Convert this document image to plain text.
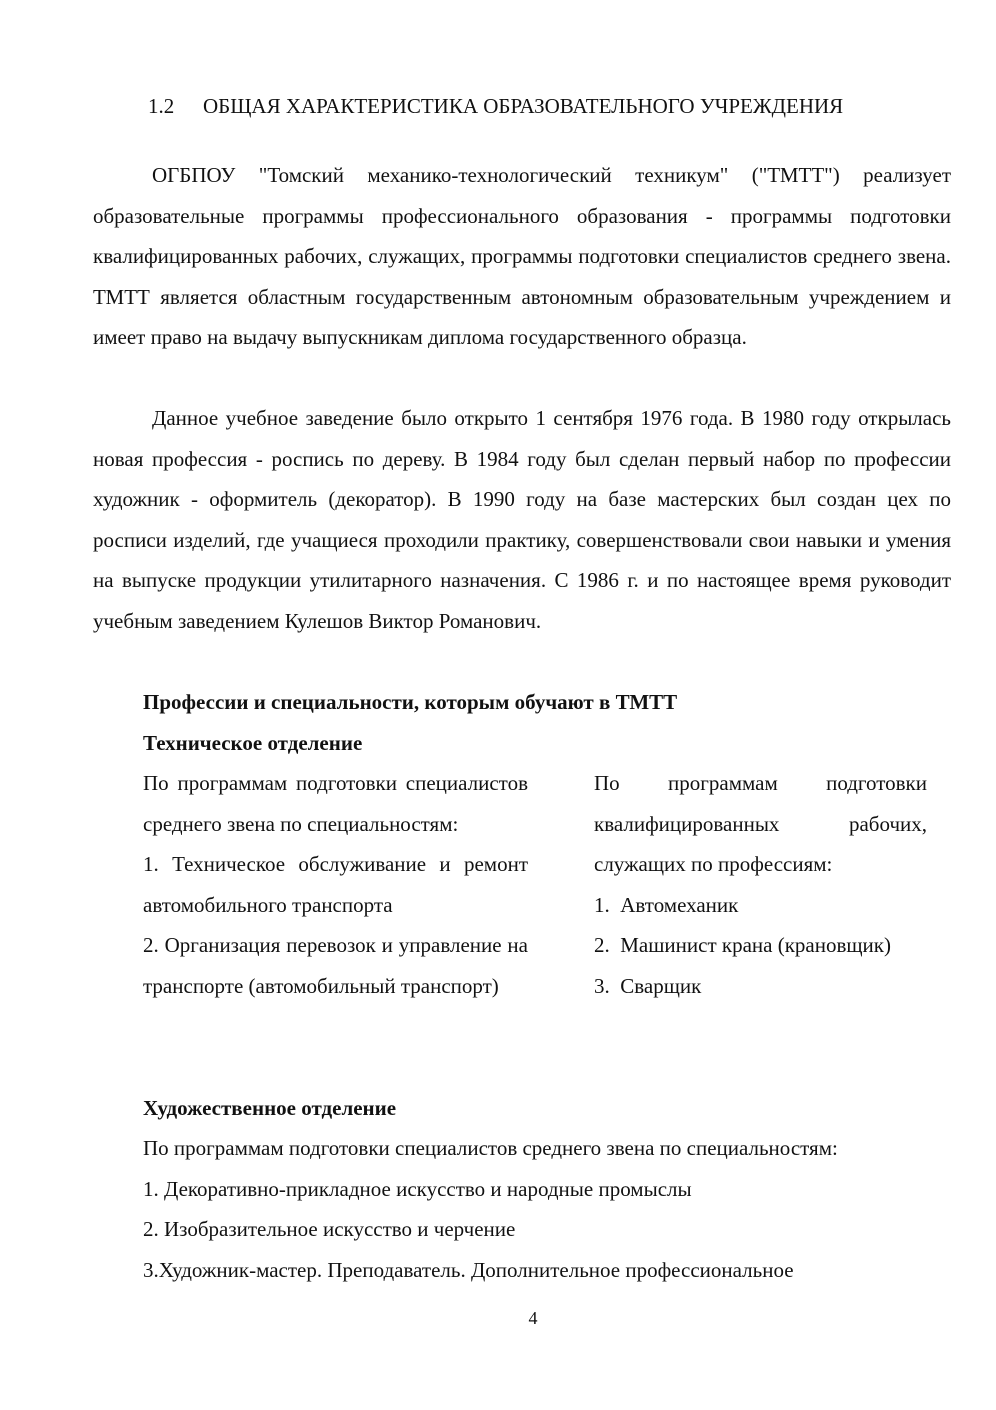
1.2 ОБЩАЯ ХАРАКТЕРИСТИКА ОБРАЗОВАТЕЛЬНОГО УЧРЕЖДЕНИЯ

ОГБПОУ "Томский механико-технологический техникум" ("ТМТТ") реализует образовательные программы профессионального образования - программы подготовки квалифицированных рабочих, служащих, программы подготовки специалистов среднего звена. ТМТТ является областным государственным автономным образовательным учреждением и имеет право на выдачу выпускникам диплома государственного образца.

Данное учебное заведение было открыто 1 сентября 1976 года. В 1980 году открылась новая профессия - роспись по дереву. В 1984 году был сделан первый набор по профессии художник - оформитель (декоратор). В 1990 году на базе мастерских был создан цех по росписи изделий, где учащиеся проходили практику, совершенствовали свои навыки и умения на выпуске продукции утилитарного назначения. С 1986 г. и по настоящее время руководит учебным заведением Кулешов Виктор Романович.

Профессии и специальности, которым обучают в ТМТТ
Техническое отделение

По программам подготовки специалистов среднего звена по специальностям:

1. Техническое обслуживание и ремонт автомобильного транспорта

2. Организация перевозок и управление на транспорте (автомобильный транспорт)

По программам подготовки квалифицированных рабочих, служащих по профессиям:

1.  Автомеханик

2.  Машинист крана (крановщик)

3.  Сварщик

Художественное отделение
По программам подготовки специалистов среднего звена по специальностям:
1. Декоративно-прикладное искусство и народные промыслы
2. Изобразительное искусство и черчение
3.Художник-мастер. Преподаватель. Дополнительное профессиональное
4
